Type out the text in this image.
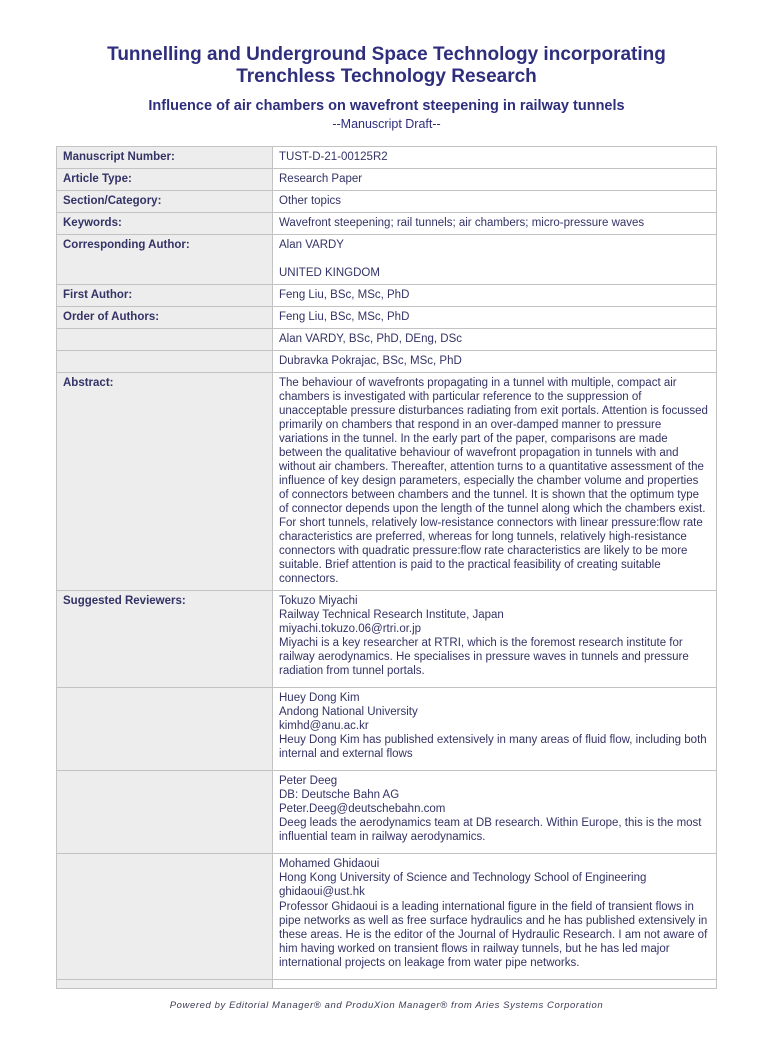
Tunnelling and Underground Space Technology incorporating Trenchless Technology Research
Influence of air chambers on wavefront steepening in railway tunnels
--Manuscript Draft--
Manuscript Number:	TUST-D-21-00125R2
Article Type:	Research Paper
Section/Category:	Other topics
Keywords:	Wavefront steepening; rail tunnels; air chambers; micro-pressure waves
Corresponding Author:	Alan VARDY
UNITED KINGDOM
First Author:	Feng Liu, BSc, MSc, PhD
Order of Authors:	Feng Liu, BSc, MSc, PhD
Alan VARDY, BSc, PhD, DEng, DSc
Dubravka Pokrajac, BSc, MSc, PhD
Abstract:	The behaviour of wavefronts propagating in a tunnel with multiple, compact air chambers is investigated with particular reference to the suppression of unacceptable pressure disturbances radiating from exit portals. Attention is focussed primarily on chambers that respond in an over-damped manner to pressure variations in the tunnel. In the early part of the paper, comparisons are made between the qualitative behaviour of wavefront propagation in tunnels with and without air chambers. Thereafter, attention turns to a quantitative assessment of the influence of key design parameters, especially the chamber volume and properties of connectors between chambers and the tunnel. It is shown that the optimum type of connector depends upon the length of the tunnel along which the chambers exist. For short tunnels, relatively low-resistance connectors with linear pressure:flow rate characteristics are preferred, whereas for long tunnels, relatively high-resistance connectors with quadratic pressure:flow rate characteristics are likely to be more suitable. Brief attention is paid to the practical feasibility of creating suitable connectors.
Suggested Reviewers:	Tokuzo Miyachi
Railway Technical Research Institute, Japan
miyachi.tokuzo.06@rtri.or.jp
Miyachi is a key researcher at RTRI, which is the foremost research institute for railway aerodynamics. He specialises in pressure waves in tunnels and pressure radiation from tunnel portals.
Huey Dong Kim
Andong National University
kimhd@anu.ac.kr
Heuy Dong Kim has published extensively in many areas of fluid flow, including both internal and external flows
Peter Deeg
DB: Deutsche Bahn AG
Peter.Deeg@deutschebahn.com
Deeg leads the aerodynamics team at DB research. Within Europe, this is the most influential team in railway aerodynamics.
Mohamed Ghidaoui
Hong Kong University of Science and Technology School of Engineering
ghidaoui@ust.hk
Professor Ghidaoui is a leading international figure in the field of transient flows in pipe networks as well as free surface hydraulics and he has published extensively in these areas. He is the editor of the Journal of Hydraulic Research. I am not aware of him having worked on transient flows in railway tunnels, but he has led major international projects on leakage from water pipe networks.
Powered by Editorial Manager® and ProduXion Manager® from Aries Systems Corporation
